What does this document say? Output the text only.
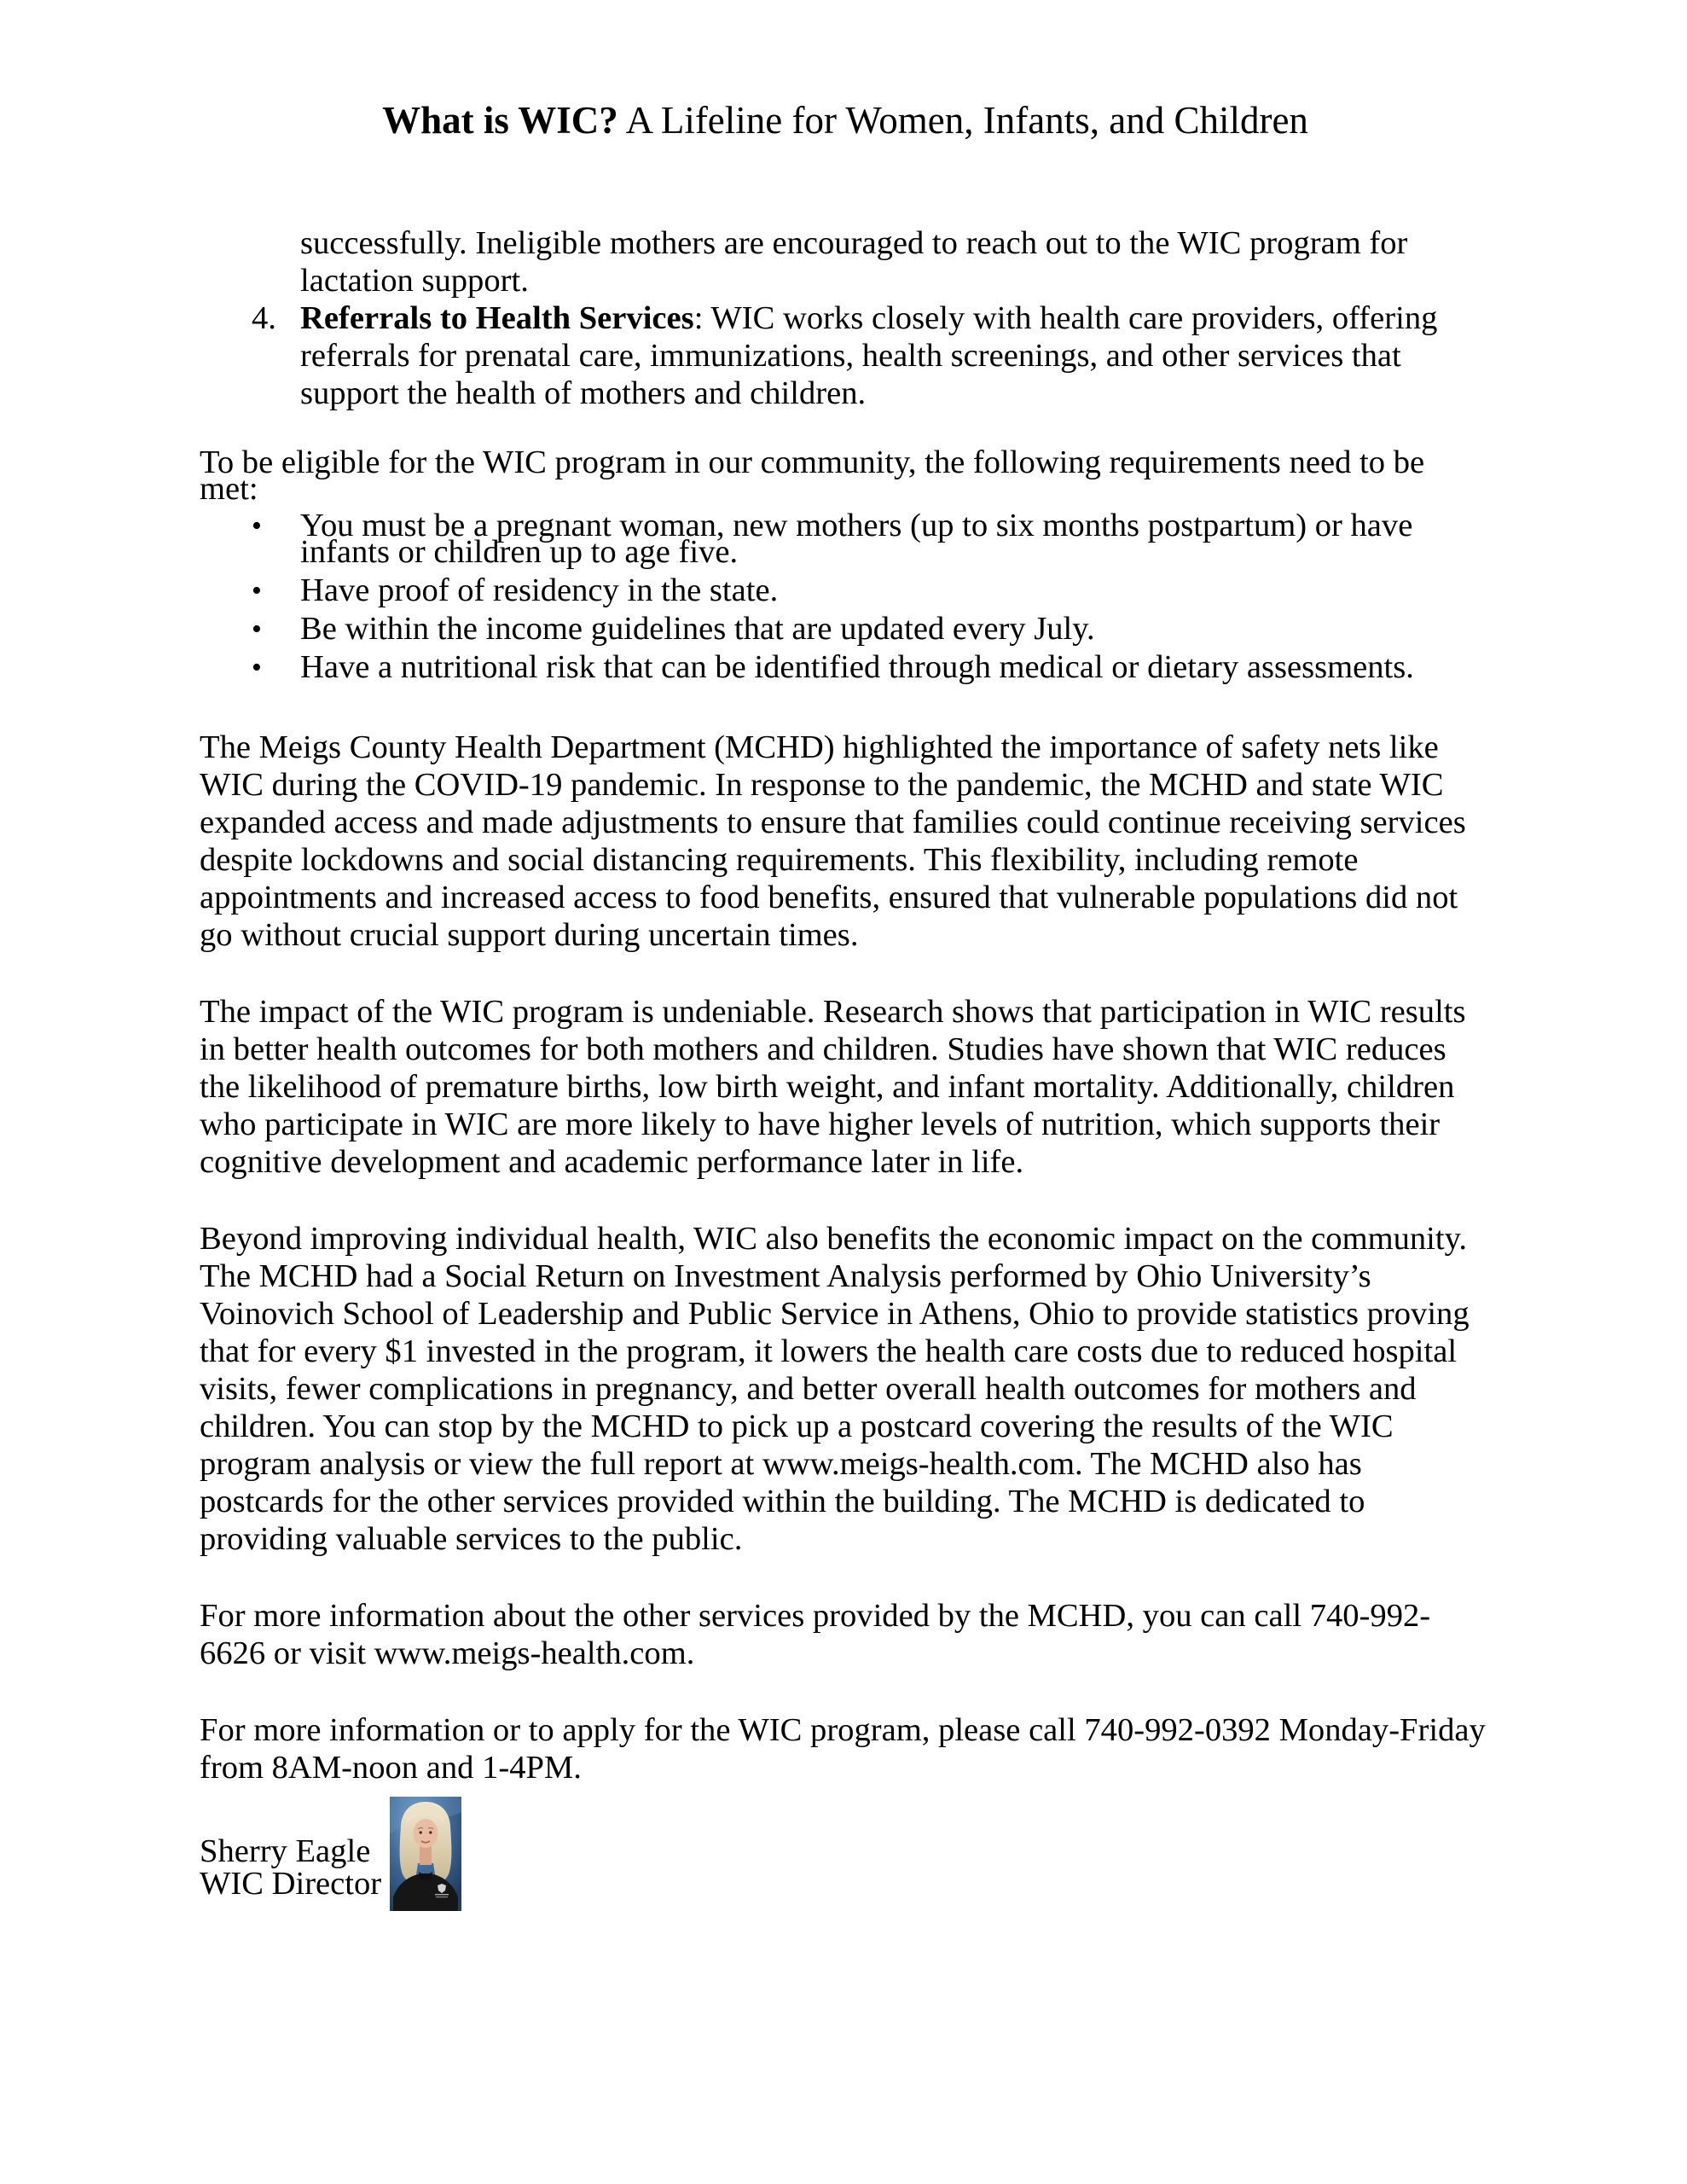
What is WIC? A Lifeline for Women, Infants, and Children

successfully. Ineligible mothers are encouraged to reach out to the WIC program for lactation support.

4. Referrals to Health Services: WIC works closely with health care providers, offering referrals for prenatal care, immunizations, health screenings, and other services that support the health of mothers and children.

To be eligible for the WIC program in our community, the following requirements need to be met:

• You must be a pregnant woman, new mothers (up to six months postpartum) or have infants or children up to age five.
• Have proof of residency in the state.
• Be within the income guidelines that are updated every July.
• Have a nutritional risk that can be identified through medical or dietary assessments.

The Meigs County Health Department (MCHD) highlighted the importance of safety nets like WIC during the COVID-19 pandemic. In response to the pandemic, the MCHD and state WIC expanded access and made adjustments to ensure that families could continue receiving services despite lockdowns and social distancing requirements. This flexibility, including remote appointments and increased access to food benefits, ensured that vulnerable populations did not go without crucial support during uncertain times.

The impact of the WIC program is undeniable. Research shows that participation in WIC results in better health outcomes for both mothers and children. Studies have shown that WIC reduces the likelihood of premature births, low birth weight, and infant mortality. Additionally, children who participate in WIC are more likely to have higher levels of nutrition, which supports their cognitive development and academic performance later in life.

Beyond improving individual health, WIC also benefits the economic impact on the community. The MCHD had a Social Return on Investment Analysis performed by Ohio University’s Voinovich School of Leadership and Public Service in Athens, Ohio to provide statistics proving that for every $1 invested in the program, it lowers the health care costs due to reduced hospital visits, fewer complications in pregnancy, and better overall health outcomes for mothers and children. You can stop by the MCHD to pick up a postcard covering the results of the WIC program analysis or view the full report at www.meigs-health.com. The MCHD also has postcards for the other services provided within the building. The MCHD is dedicated to providing valuable services to the public.

For more information about the other services provided by the MCHD, you can call 740-992-6626 or visit www.meigs-health.com.

For more information or to apply for the WIC program, please call 740-992-0392 Monday-Friday from 8AM-noon and 1-4PM.

Sherry Eagle
WIC Director
